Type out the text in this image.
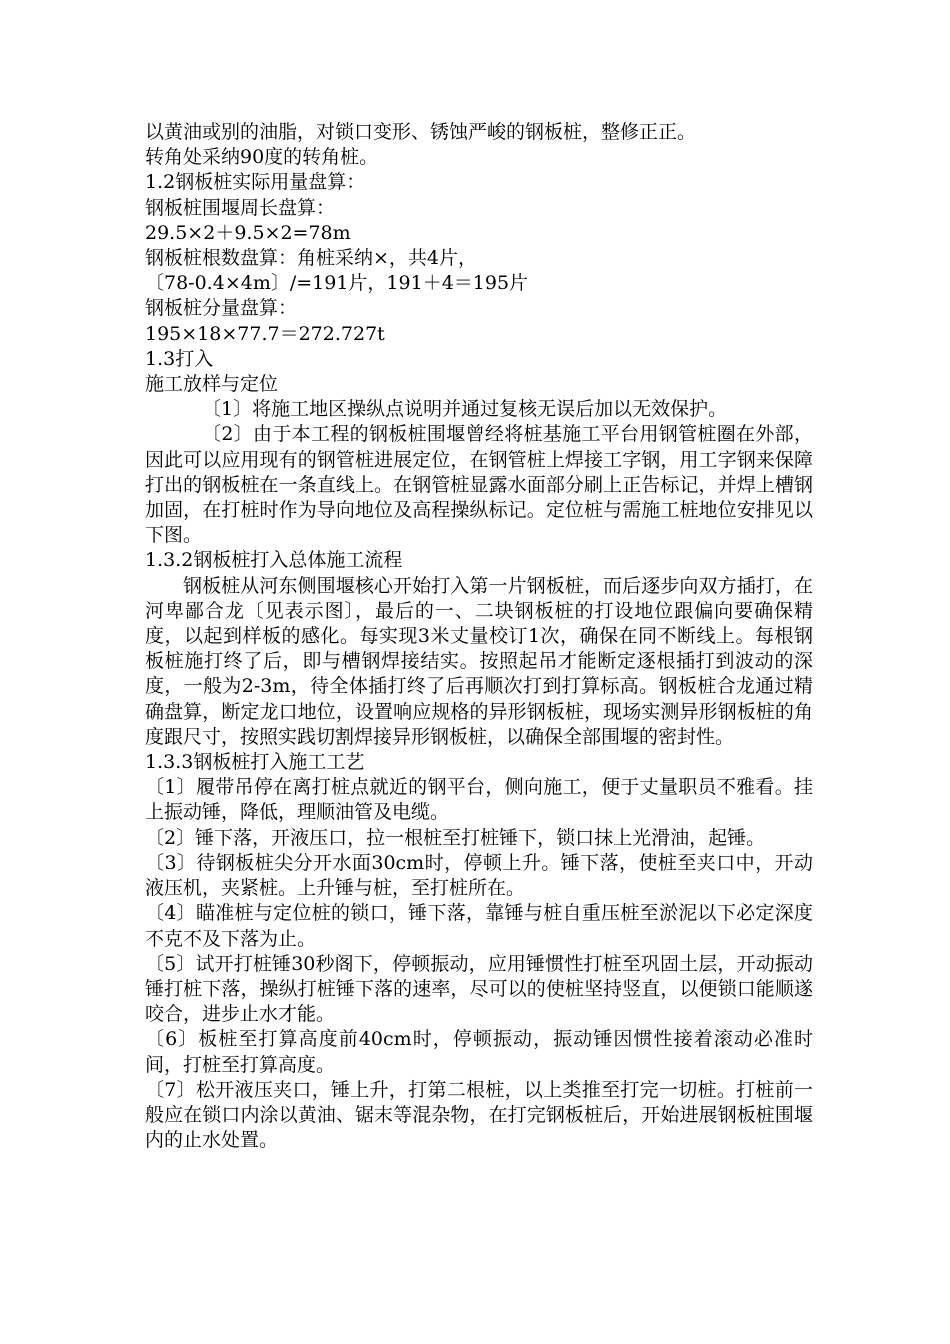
以黄油或别的油脂，对锁口变形、锈蚀严峻的钢板桩，整修正正。

转角处采纳90度的转角桩。

1.2钢板桩实际用量盘算：

钢板桩围堰周长盘算：

29.5×2＋9.5×2=78m

钢板桩根数盘算：角桩采纳×，共4片，

〔78-0.4×4m〕/=191片，191＋4＝195片

钢板桩分量盘算：

195×18×77.7＝272.727t

1.3打入

施工放样与定位

〔1〕将施工地区操纵点说明并通过复核无误后加以无效保护。

〔2〕由于本工程的钢板桩围堰曾经将桩基施工平台用钢管桩圈在外部，因此可以应用现有的钢管桩进展定位，在钢管桩上焊接工字钢，用工字钢来保障打出的钢板桩在一条直线上。在钢管桩显露水面部分刷上正告标记，并焊上槽钢加固，在打桩时作为导向地位及高程操纵标记。定位桩与需施工桩地位安排见以下图。

1.3.2钢板桩打入总体施工流程

钢板桩从河东侧围堰核心开始打入第一片钢板桩，而后逐步向双方插打，在河卑鄙合龙〔见表示图〕，最后的一、二块钢板桩的打设地位跟偏向要确保精度，以起到样板的感化。每实现3米丈量校订1次，确保在同不断线上。每根钢板桩施打终了后，即与槽钢焊接结实。按照起吊才能断定逐根插打到波动的深度，一般为2-3m，待全体插打终了后再顺次打到打算标高。钢板桩合龙通过精确盘算，断定龙口地位，设置响应规格的异形钢板桩，现场实测异形钢板桩的角度跟尺寸，按照实践切割焊接异形钢板桩，以确保全部围堰的密封性。

1.3.3钢板桩打入施工工艺

〔1〕履带吊停在离打桩点就近的钢平台，侧向施工，便于丈量职员不雅看。挂上振动锤，降低，理顺油管及电缆。

〔2〕锤下落，开液压口，拉一根桩至打桩锤下，锁口抹上光滑油，起锤。

〔3〕待钢板桩尖分开水面30cm时，停顿上升。锤下落，使桩至夹口中，开动液压机，夹紧桩。上升锤与桩，至打桩所在。

〔4〕瞄准桩与定位桩的锁口，锤下落，靠锤与桩自重压桩至淤泥以下必定深度不克不及下落为止。

〔5〕试开打桩锤30秒阁下，停顿振动，应用锤惯性打桩至巩固土层，开动振动锤打桩下落，操纵打桩锤下落的速率，尽可以的使桩坚持竖直，以便锁口能顺遂咬合，进步止水才能。

〔6〕板桩至打算高度前40cm时，停顿振动，振动锤因惯性接着滚动必准时间，打桩至打算高度。

〔7〕松开液压夹口，锤上升，打第二根桩，以上类推至打完一切桩。打桩前一般应在锁口内涂以黄油、锯末等混杂物，在打完钢板桩后，开始进展钢板桩围堰内的止水处置。
